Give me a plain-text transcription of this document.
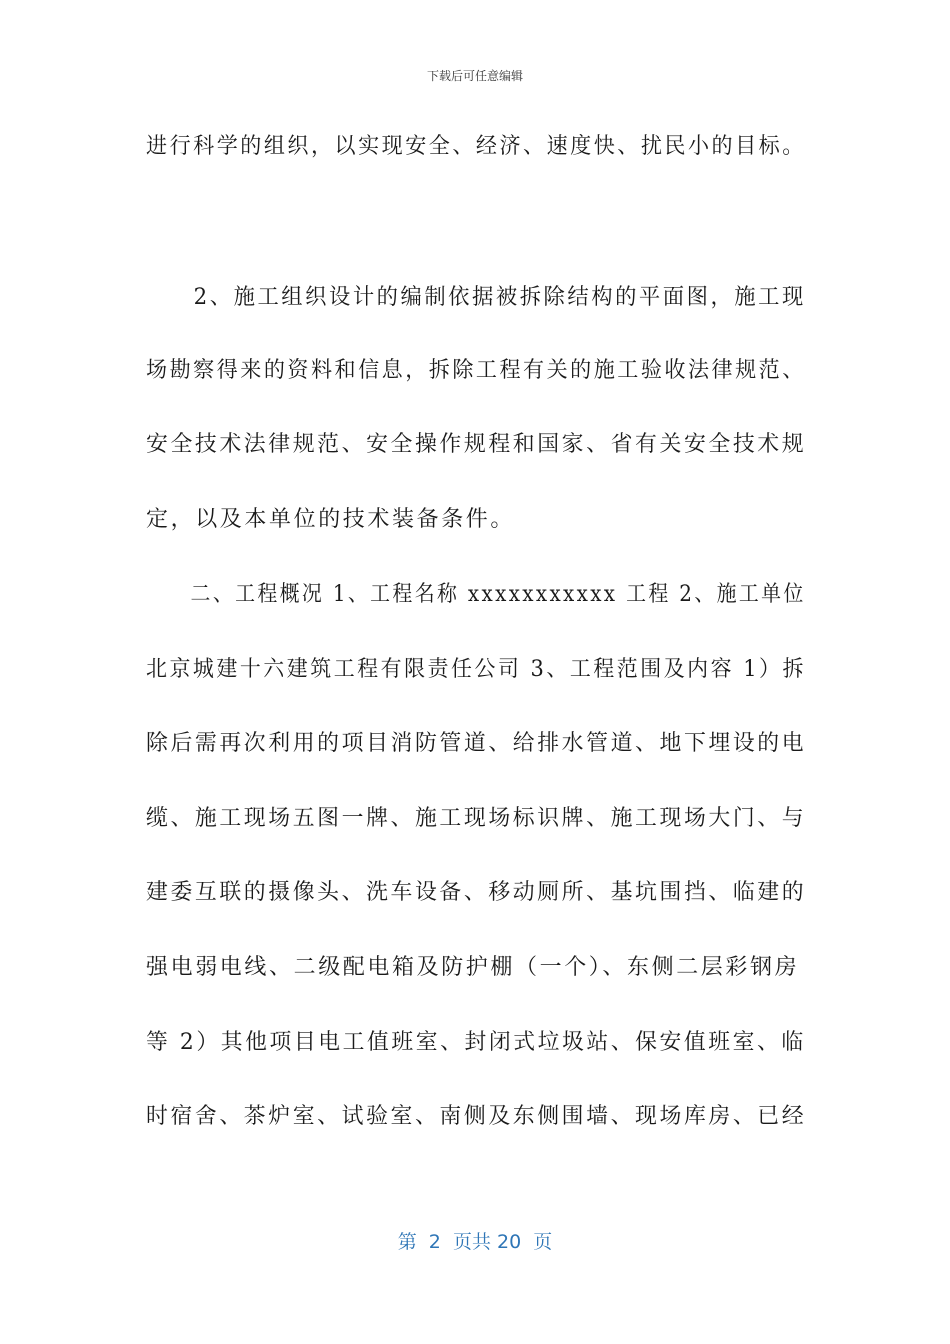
下载后可任意编辑
进行科学的组织，以实现安全、经济、速度快、扰民小的目标。
　　2、施工组织设计的编制依据被拆除结构的平面图，施工现
场勘察得来的资料和信息，拆除工程有关的施工验收法律规范、
安全技术法律规范、安全操作规程和国家、省有关安全技术规
定，以及本单位的技术装备条件。
　　二、工程概况 1、工程名称 xxxxxxxxxxx 工程 2、施工单位
北京城建十六建筑工程有限责任公司 3、工程范围及内容 1）拆
除后需再次利用的项目消防管道、给排水管道、地下埋设的电
缆、施工现场五图一牌、施工现场标识牌、施工现场大门、与
建委互联的摄像头、洗车设备、移动厕所、基坑围挡、临建的
强电弱电线、二级配电箱及防护棚（一个）、东侧二层彩钢房
等 2）其他项目电工值班室、封闭式垃圾站、保安值班室、临
时宿舍、茶炉室、试验室、南侧及东侧围墙、现场库房、已经
第  2  页共 20  页
